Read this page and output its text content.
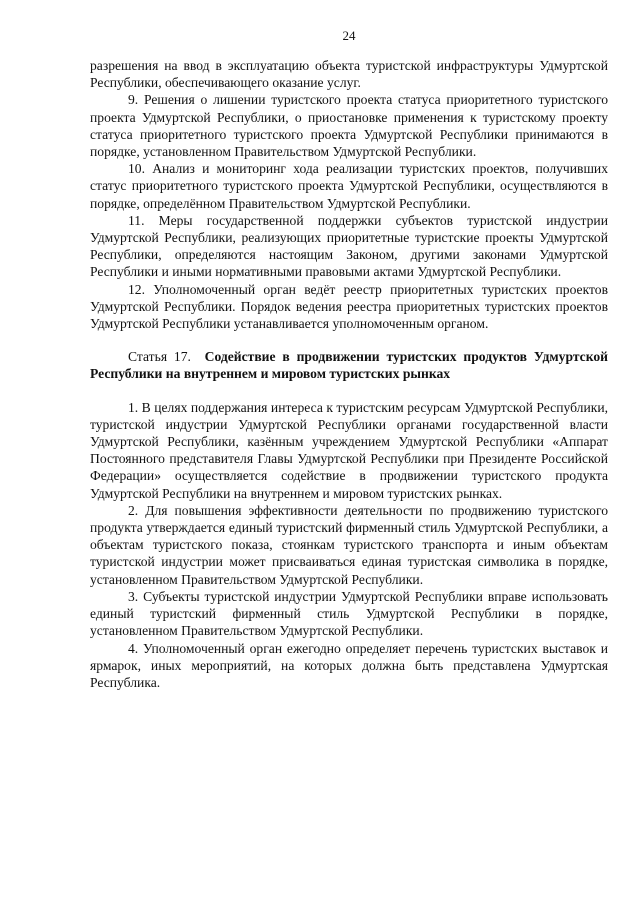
24

разрешения на ввод в эксплуатацию объекта туристской инфраструктуры Удмуртской Республики, обеспечивающего оказание услуг.

9. Решения о лишении туристского проекта статуса приоритетного туристского проекта Удмуртской Республики, о приостановке применения к туристскому проекту статуса приоритетного туристского проекта Удмуртской Республики принимаются в порядке, установленном Правительством Удмуртской Республики.

10. Анализ и мониторинг хода реализации туристских проектов, получивших статус приоритетного туристского проекта Удмуртской Республики, осуществляются в порядке, определённом Правительством Удмуртской Республики.

11. Меры государственной поддержки субъектов туристской индустрии Удмуртской Республики, реализующих приоритетные туристские проекты Удмуртской Республики, определяются настоящим Законом, другими законами Удмуртской Республики и иными нормативными правовыми актами Удмуртской Республики.

12. Уполномоченный орган ведёт реестр приоритетных туристских проектов Удмуртской Республики. Порядок ведения реестра приоритетных туристских проектов Удмуртской Республики устанавливается уполномоченным органом.

Статья 17. Содействие в продвижении туристских продуктов Удмуртской Республики на внутреннем и мировом туристских рынках

1. В целях поддержания интереса к туристским ресурсам Удмуртской Республики, туристской индустрии Удмуртской Республики органами государственной власти Удмуртской Республики, казённым учреждением Удмуртской Республики «Аппарат Постоянного представителя Главы Удмуртской Республики при Президенте Российской Федерации» осуществляется содействие в продвижении туристского продукта Удмуртской Республики на внутреннем и мировом туристских рынках.

2. Для повышения эффективности деятельности по продвижению туристского продукта утверждается единый туристский фирменный стиль Удмуртской Республики, а объектам туристского показа, стоянкам туристского транспорта и иным объектам туристской индустрии может присваиваться единая туристская символика в порядке, установленном Правительством Удмуртской Республики.

3. Субъекты туристской индустрии Удмуртской Республики вправе использовать единый туристский фирменный стиль Удмуртской Республики в порядке, установленном Правительством Удмуртской Республики.

4. Уполномоченный орган ежегодно определяет перечень туристских выставок и ярмарок, иных мероприятий, на которых должна быть представлена Удмуртская Республика.
